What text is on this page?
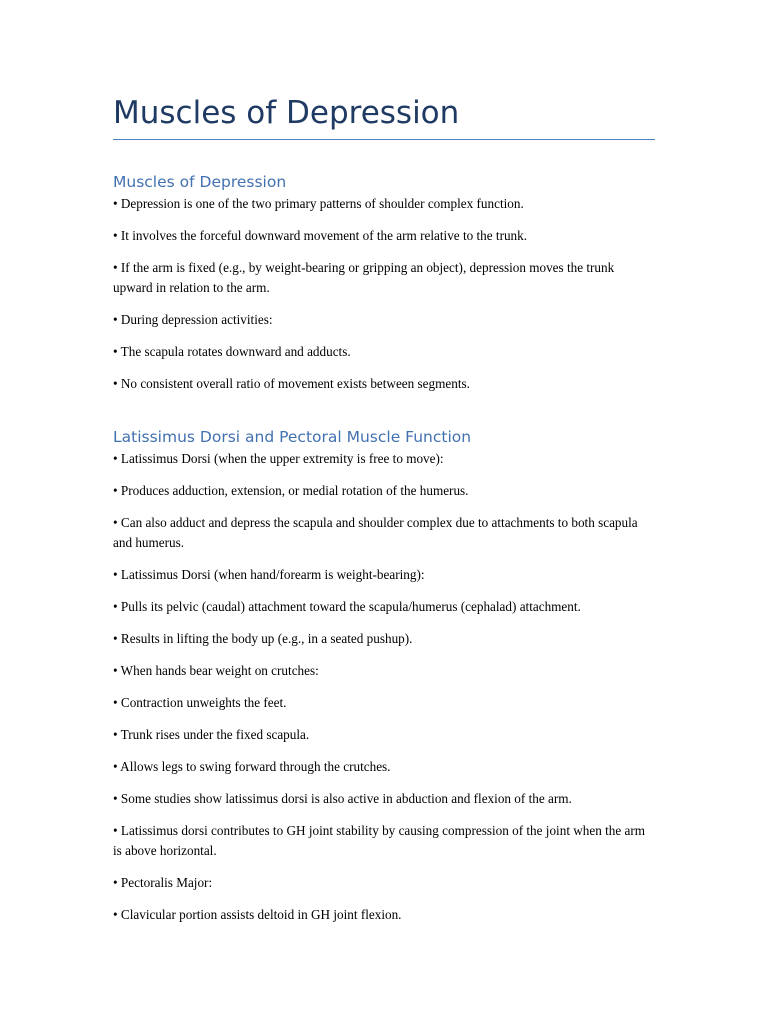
Muscles of Depression
Muscles of Depression
• Depression is one of the two primary patterns of shoulder complex function.
• It involves the forceful downward movement of the arm relative to the trunk.
• If the arm is fixed (e.g., by weight-bearing or gripping an object), depression moves the trunk upward in relation to the arm.
• During depression activities:
• The scapula rotates downward and adducts.
• No consistent overall ratio of movement exists between segments.
Latissimus Dorsi and Pectoral Muscle Function
• Latissimus Dorsi (when the upper extremity is free to move):
• Produces adduction, extension, or medial rotation of the humerus.
• Can also adduct and depress the scapula and shoulder complex due to attachments to both scapula and humerus.
• Latissimus Dorsi (when hand/forearm is weight-bearing):
• Pulls its pelvic (caudal) attachment toward the scapula/humerus (cephalad) attachment.
• Results in lifting the body up (e.g., in a seated pushup).
• When hands bear weight on crutches:
• Contraction unweights the feet.
• Trunk rises under the fixed scapula.
• Allows legs to swing forward through the crutches.
• Some studies show latissimus dorsi is also active in abduction and flexion of the arm.
• Latissimus dorsi contributes to GH joint stability by causing compression of the joint when the arm is above horizontal.
• Pectoralis Major:
• Clavicular portion assists deltoid in GH joint flexion.
